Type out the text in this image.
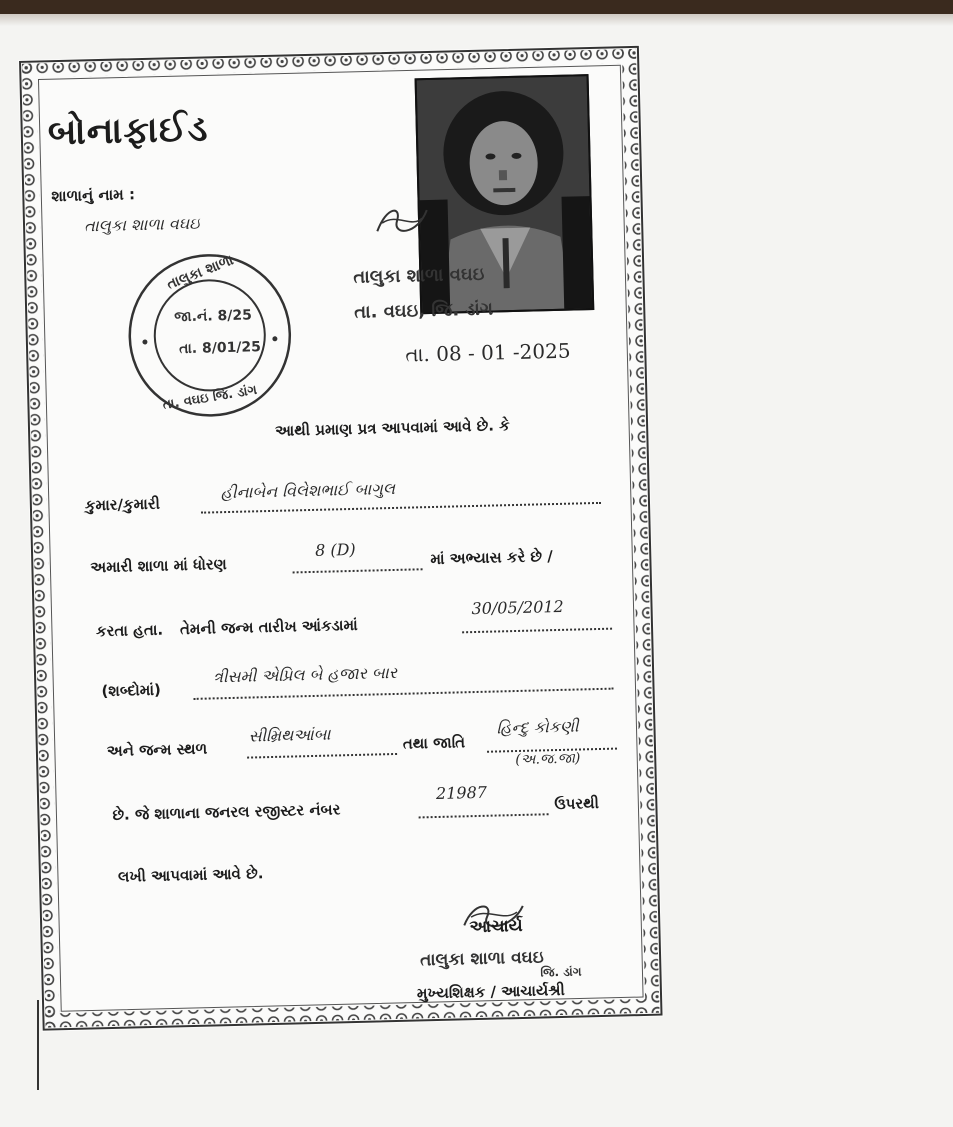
બોનાફાઈડ
શાળાનું નામ :
તાલુકા શાળા વઘઇ
તાલુકા શાળા વઘઇ
તા. વઘઇ, જિ. ડાંગ
તાલુકા શાળા
જા.નં. 8/25
તા. 8/01/25
તા. વઘઇ જિ. ડાંગ
તા. 08 - 01 -2025
આથી પ્રમાણ પ્રત્ર આપવામાં આવે છે. કે
કુમાર/કુમારી
હીનાબેન વિલેશભાઈ બાગુલ
અમારી શાળા માં ધોરણ
8 (D)	માં અભ્યાસ કરે છે /
કરતા હતા. તેમની જન્મ તારીખ આંકડામાં
30/05/2012
(શબ્દોમાં)
ત્રીસમી એપ્રિલ બે હજાર બાર
અને જન્મ સ્થળ
સીમ્રિથઆંબા	તથા જાતિ
હિન્દુ કોકણી
(અ.જ.જા)
છે. જે શાળાના જનરલ રજીસ્ટર નંબર
21987
ઉપરથી
લખી આપવામાં આવે છે.
આચાર્ય
તાલુકા શાળા વઘઇ
મુખ્યશિક્ષક / આચાર્યશ્રી
જિ. ડાંગ
